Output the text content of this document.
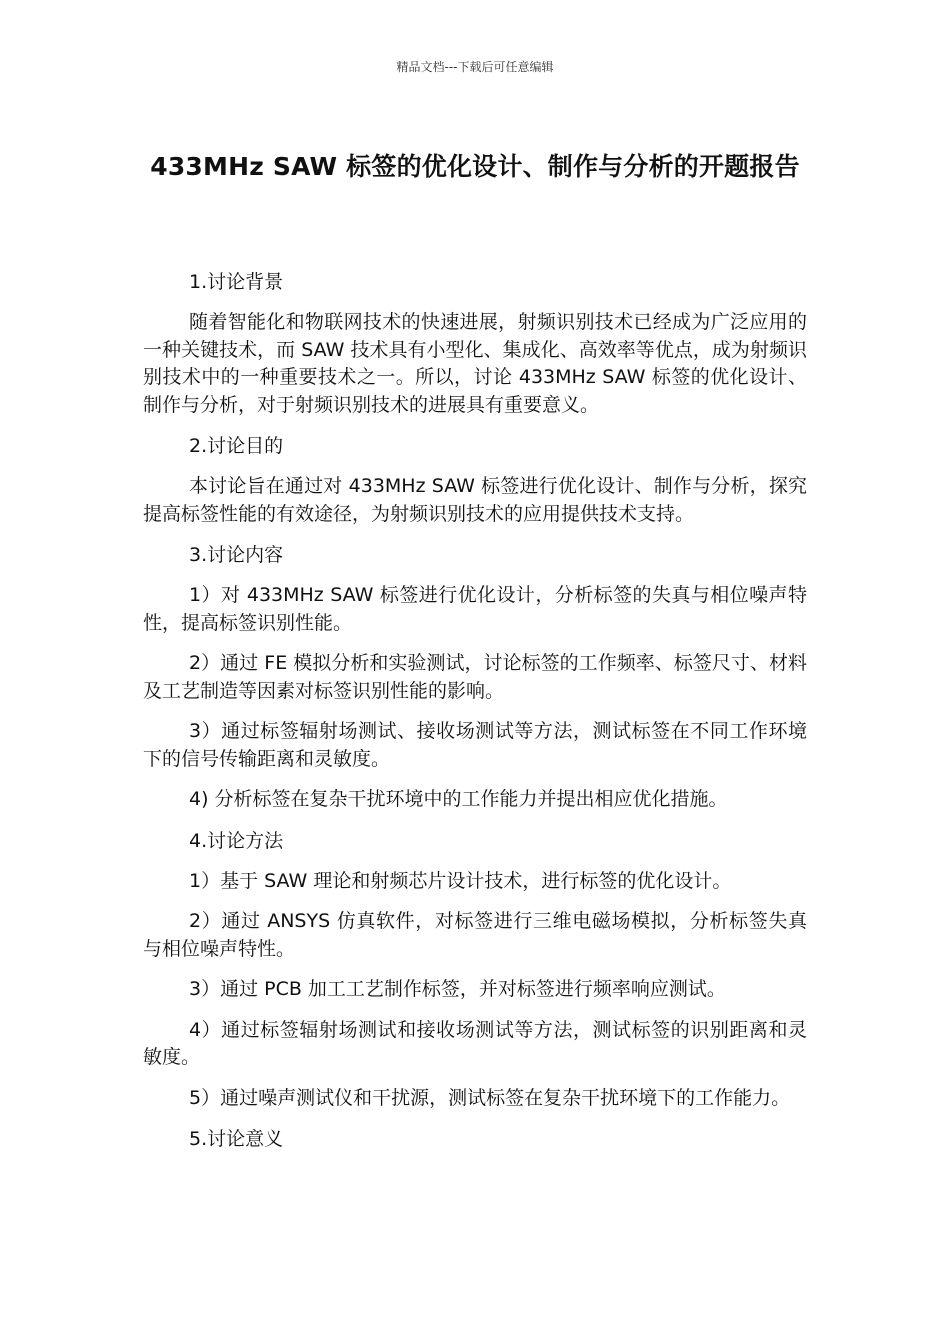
精品文档---下载后可任意编辑
433MHz SAW 标签的优化设计、制作与分析的开题报告
1.讨论背景
随着智能化和物联网技术的快速进展，射频识别技术已经成为广泛应用的一种关键技术，而 SAW 技术具有小型化、集成化、高效率等优点，成为射频识别技术中的一种重要技术之一。所以，讨论 433MHz SAW 标签的优化设计、制作与分析，对于射频识别技术的进展具有重要意义。
2.讨论目的
本讨论旨在通过对 433MHz SAW 标签进行优化设计、制作与分析，探究提高标签性能的有效途径，为射频识别技术的应用提供技术支持。
3.讨论内容
1）对 433MHz SAW 标签进行优化设计，分析标签的失真与相位噪声特性，提高标签识别性能。
2）通过 FE 模拟分析和实验测试，讨论标签的工作频率、标签尺寸、材料及工艺制造等因素对标签识别性能的影响。
3）通过标签辐射场测试、接收场测试等方法，测试标签在不同工作环境下的信号传输距离和灵敏度。
4) 分析标签在复杂干扰环境中的工作能力并提出相应优化措施。
4.讨论方法
1）基于 SAW 理论和射频芯片设计技术，进行标签的优化设计。
2）通过 ANSYS 仿真软件，对标签进行三维电磁场模拟，分析标签失真与相位噪声特性。
3）通过 PCB 加工工艺制作标签，并对标签进行频率响应测试。
4）通过标签辐射场测试和接收场测试等方法，测试标签的识别距离和灵敏度。
5）通过噪声测试仪和干扰源，测试标签在复杂干扰环境下的工作能力。
5.讨论意义
